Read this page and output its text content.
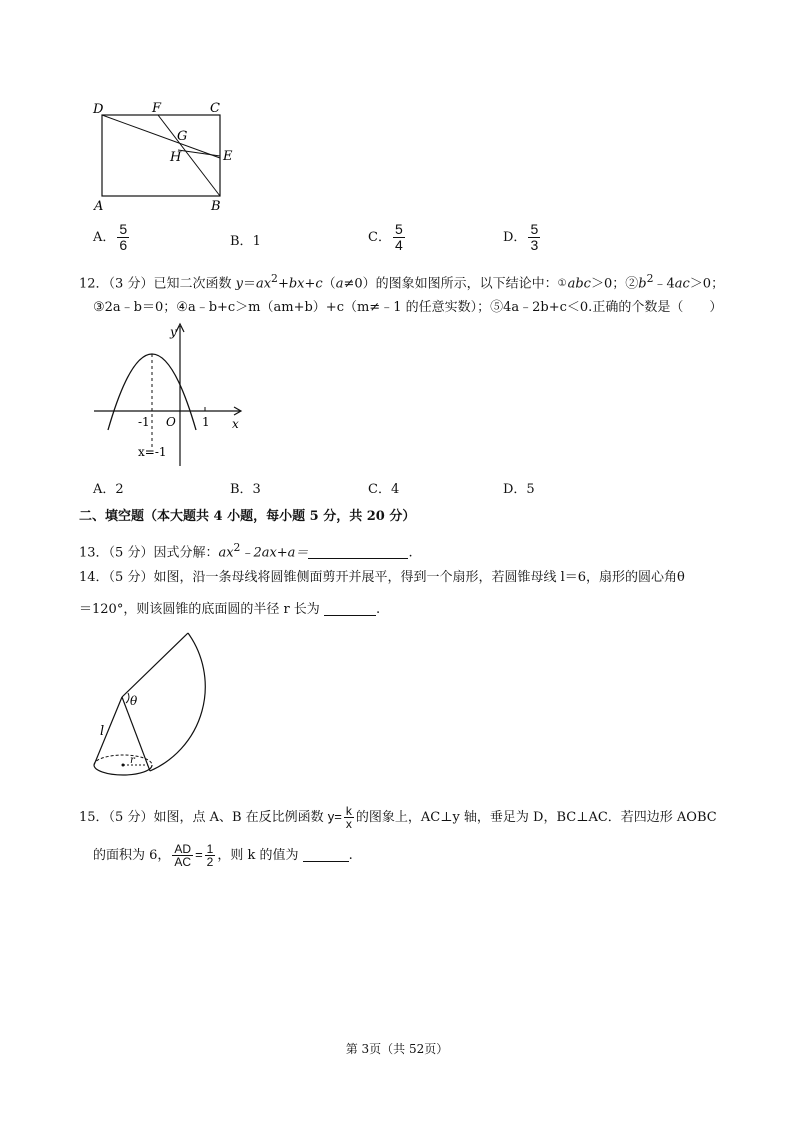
D	F	C
G
H	E
A	B
A． $\frac{5}{6}$	B．1	C． $\frac{5}{4}$	D． $\frac{5}{3}$
12．（3 分）已知二次函数 $y=ax^2+bx+c(a\ne 0)$的图象如图所示，以下结论中：①abc＞0；$②b^2﹣4ac>0$；
③2a﹣b＝0；④a﹣b+c＞m（am+b）+c（m≠﹣1 的任意实数）；⑤4a﹣2b+c＜0.正确的个数是（　　）
y
x
O
-1	1
x=-1
A．2	B．3	C．4	D．5
二、填空题（本大题共 4 小题，每小题 5 分，共 20 分）
13．（5 分）因式分解：$ax^2﹣2ax+a=$	.
14．（5 分）如图，沿一条母线将圆锥侧面剪开并展平，得到一个扇形，若圆锥母线 l＝6，扇形的圆心角θ
＝120°，则该圆锥的底面圆的半径 r 长为	.
θ
l
r
15．（5 分）如图，点 A、B 在反比例函数 $y= \frac{k}{x}$ 的图象上，AC⊥y 轴，垂足为 D，BC⊥AC．若四边形 AOBC
的面积为 6， $\frac{AD}{AC} = \frac{1}{2}$ ，则 k 的值为	.
第 3页（共 52页）
